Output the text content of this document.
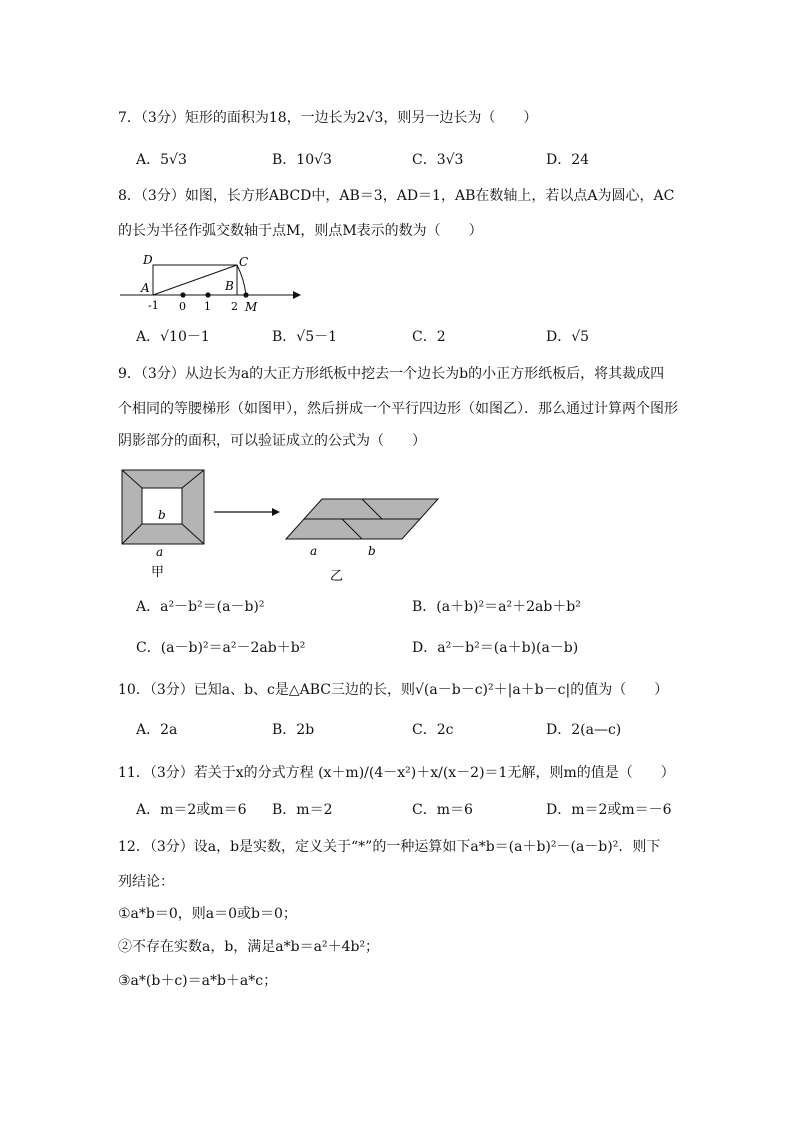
7．（3分）矩形的面积为18，一边长为2√3，则另一边长为（　　）
A．5√3	B．10√3	C．3√3	D．24
8．（3分）如图，长方形ABCD中，AB＝3，AD＝1，AB在数轴上，若以点A为圆心，AC
的长为半径作弧交数轴于点M，则点M表示的数为（　　）
D	C
A	B
M
-1 0 1 2
A．√10－1	B．√5－1	C．2	D．√5
9．（3分）从边长为a的大正方形纸板中挖去一个边长为b的小正方形纸板后，将其裁成四
个相同的等腰梯形（如图甲），然后拼成一个平行四边形（如图乙）．那么通过计算两个图形
阴影部分的面积，可以验证成立的公式为（　　）
b
a
甲
a	b
乙
A．a²－b²＝(a－b)²	B．(a＋b)²＝a²＋2ab＋b²
C．(a－b)²＝a²－2ab＋b²	D．a²－b²＝(a＋b)(a－b)
10．（3分）已知a、b、c是△ABC三边的长，则√(a－b－c)²＋|a＋b－c|的值为（　　）
A．2a	B．2b	C．2c	D．2(a—c)
11．（3分）若关于x的分式方程 (x＋m)/(4－x²)＋x/(x－2)＝1无解，则m的值是（　　）
A．m＝2或m＝6 B．m＝2	C．m＝6	D．m＝2或m＝－6
12．（3分）设a，b是实数，定义关于“*”的一种运算如下a*b＝(a＋b)²－(a－b)²．则下
列结论：
①a*b＝0，则a＝0或b＝0；
②不存在实数a，b，满足a*b＝a²＋4b²；
③a*(b＋c)＝a*b＋a*c；
